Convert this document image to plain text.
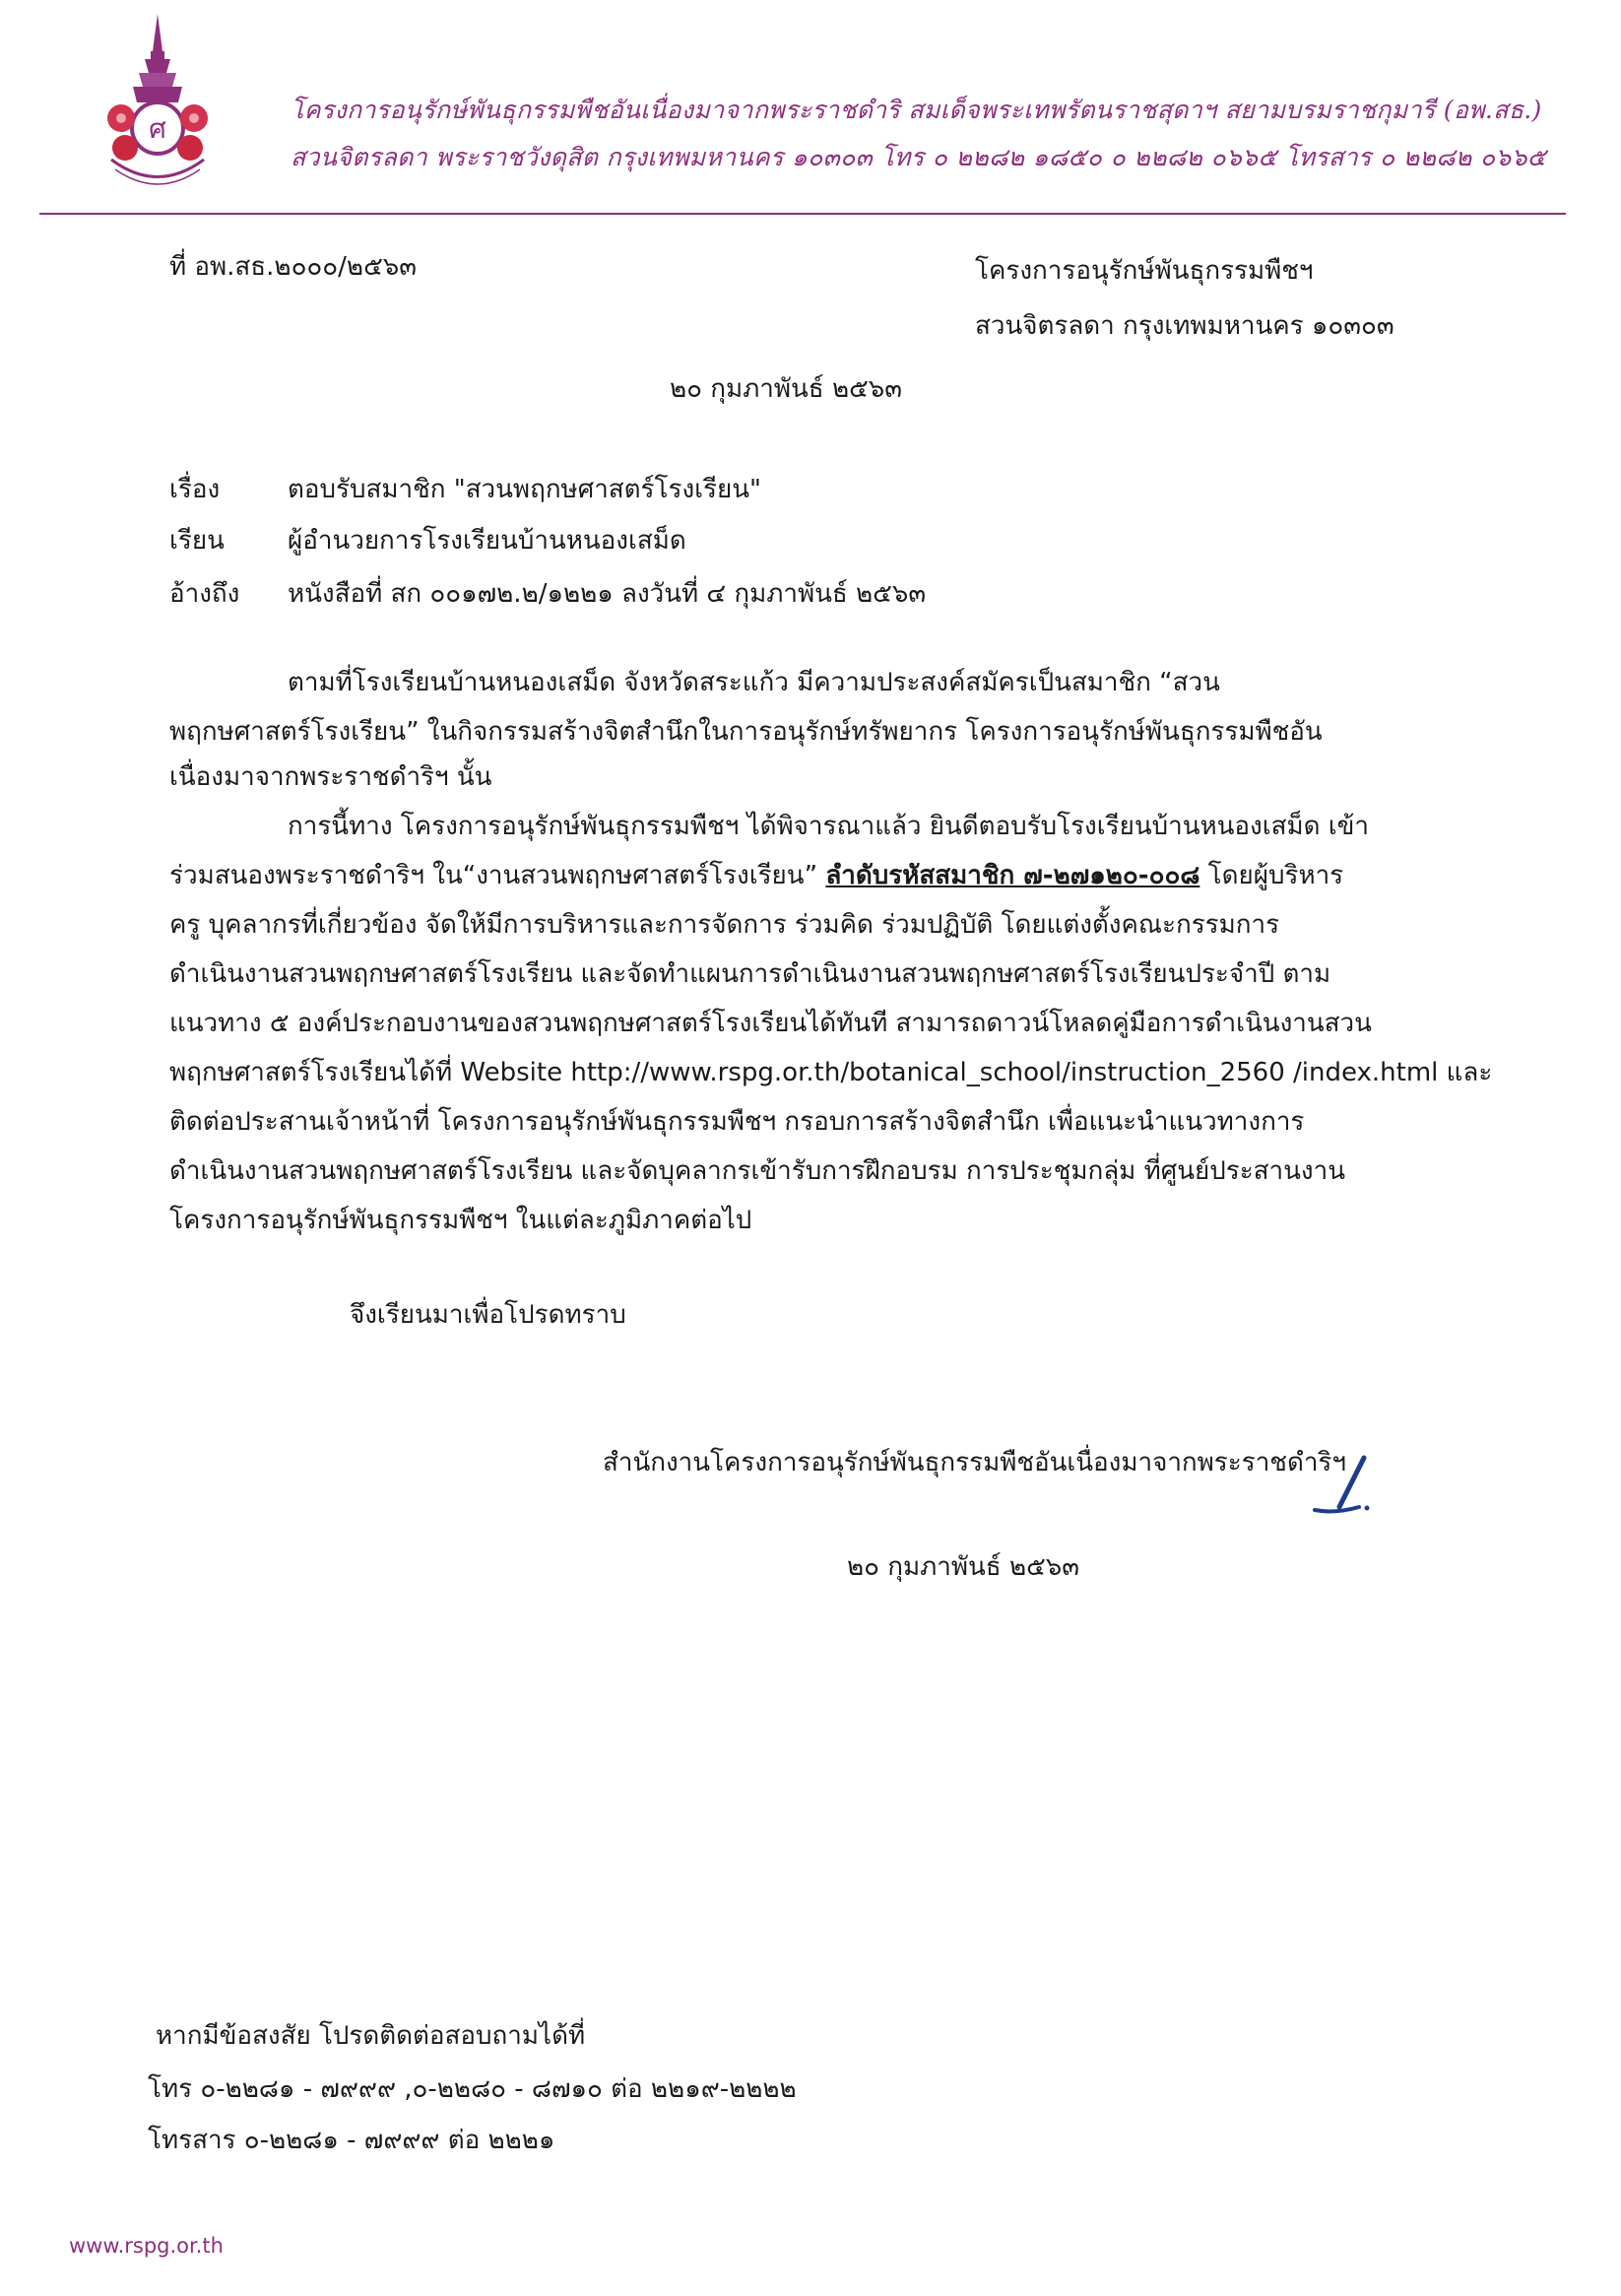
ศ
โครงการอนุรักษ์พันธุกรรมพืชอันเนื่องมาจากพระราชดำริ สมเด็จพระเทพรัตนราชสุดาฯ สยามบรมราชกุมารี (อพ.สธ.)
สวนจิตรลดา พระราชวังดุสิต กรุงเทพมหานคร ๑๐๓๐๓ โทร ๐ ๒๒๘๒ ๑๘๕๐ ๐ ๒๒๘๒ ๐๖๖๕ โทรสาร ๐ ๒๒๘๒ ๐๖๖๕
ที่ อพ.สธ.๒๐๐๐/๒๕๖๓	โครงการอนุรักษ์พันธุกรรมพืชฯ
สวนจิตรลดา กรุงเทพมหานคร ๑๐๓๐๓
๒๐ กุมภาพันธ์ ๒๕๖๓
เรื่อง	ตอบรับสมาชิก "สวนพฤกษศาสตร์โรงเรียน"
เรียน ผู้อำนวยการโรงเรียนบ้านหนองเสม็ด
อ้างถึง หนังสือที่ สก ๐๐๑๗๒.๒/๑๒๒๑ ลงวันที่ ๔ กุมภาพันธ์ ๒๕๖๓
ตามที่โรงเรียนบ้านหนองเสม็ด จังหวัดสระแก้ว มีความประสงค์สมัครเป็นสมาชิก “สวน
พฤกษศาสตร์โรงเรียน” ในกิจกรรมสร้างจิตสำนึกในการอนุรักษ์ทรัพยากร โครงการอนุรักษ์พันธุกรรมพืชอัน
เนื่องมาจากพระราชดำริฯ นั้น
การนี้ทาง โครงการอนุรักษ์พันธุกรรมพืชฯ ได้พิจารณาแล้ว ยินดีตอบรับโรงเรียนบ้านหนองเสม็ด เข้า
ร่วมสนองพระราชดำริฯ ใน“งานสวนพฤกษศาสตร์โรงเรียน” ลำดับรหัสสมาชิก ๗-๒๗๑๒๐-๐๐๘ โดยผู้บริหาร
ครู บุคลากรที่เกี่ยวข้อง จัดให้มีการบริหารและการจัดการ ร่วมคิด ร่วมปฏิบัติ โดยแต่งตั้งคณะกรรมการ
ดำเนินงานสวนพฤกษศาสตร์โรงเรียน และจัดทำแผนการดำเนินงานสวนพฤกษศาสตร์โรงเรียนประจำปี ตาม
แนวทาง ๕ องค์ประกอบงานของสวนพฤกษศาสตร์โรงเรียนได้ทันที สามารถดาวน์โหลดคู่มือการดำเนินงานสวน
พฤกษศาสตร์โรงเรียนได้ที่ Website http://www.rspg.or.th/botanical_school/instruction_2560 /index.html และ
ติดต่อประสานเจ้าหน้าที่ โครงการอนุรักษ์พันธุกรรมพืชฯ กรอบการสร้างจิตสำนึก เพื่อแนะนำแนวทางการ
ดำเนินงานสวนพฤกษศาสตร์โรงเรียน และจัดบุคลากรเข้ารับการฝึกอบรม การประชุมกลุ่ม ที่ศูนย์ประสานงาน
โครงการอนุรักษ์พันธุกรรมพืชฯ ในแต่ละภูมิภาคต่อไป
จึงเรียนมาเพื่อโปรดทราบ
สำนักงานโครงการอนุรักษ์พันธุกรรมพืชอันเนื่องมาจากพระราชดำริฯ
๒๐ กุมภาพันธ์ ๒๕๖๓
หากมีข้อสงสัย โปรดติดต่อสอบถามได้ที่
โทร ๐-๒๒๘๑ - ๗๙๙๙ ,๐-๒๒๘๐ - ๘๗๑๐ ต่อ ๒๒๑๙-๒๒๒๒
โทรสาร ๐-๒๒๘๑ - ๗๙๙๙ ต่อ ๒๒๒๑
www.rspg.or.th
